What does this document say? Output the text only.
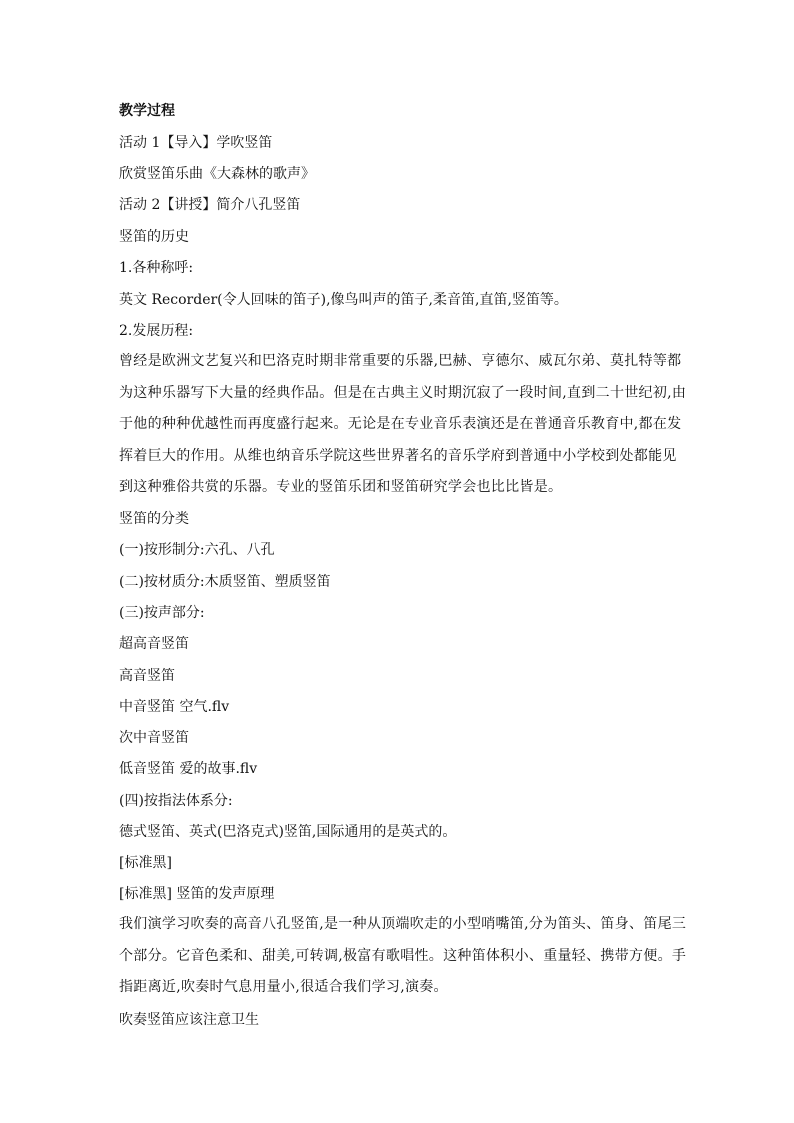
教学过程
活动 1【导入】学吹竖笛
欣赏竖笛乐曲《大森林的歌声》
活动 2【讲授】简介八孔竖笛
竖笛的历史
1.各种称呼:
英文 Recorder(令人回味的笛子),像鸟叫声的笛子,柔音笛,直笛,竖笛等。
2.发展历程:
曾经是欧洲文艺复兴和巴洛克时期非常重要的乐器,巴赫、亨德尔、威瓦尔弟、莫扎特等都
为这种乐器写下大量的经典作品。但是在古典主义时期沉寂了一段时间,直到二十世纪初,由
于他的种种优越性而再度盛行起来。无论是在专业音乐表演还是在普通音乐教育中,都在发
挥着巨大的作用。从维也纳音乐学院这些世界著名的音乐学府到普通中小学校到处都能见
到这种雅俗共赏的乐器。专业的竖笛乐团和竖笛研究学会也比比皆是。
竖笛的分类
(一)按形制分:六孔、八孔
(二)按材质分:木质竖笛、塑质竖笛
(三)按声部分:
超高音竖笛
高音竖笛
中音竖笛 空气.flv
次中音竖笛
低音竖笛 爱的故事.flv
(四)按指法体系分:
德式竖笛、英式(巴洛克式)竖笛,国际通用的是英式的。
[标准黑]
[标准黑] 竖笛的发声原理
我们演学习吹奏的高音八孔竖笛,是一种从顶端吹走的小型哨嘴笛,分为笛头、笛身、笛尾三
个部分。它音色柔和、甜美,可转调,极富有歌唱性。这种笛体积小、重量轻、携带方便。手
指距离近,吹奏时气息用量小,很适合我们学习,演奏。
吹奏竖笛应该注意卫生
